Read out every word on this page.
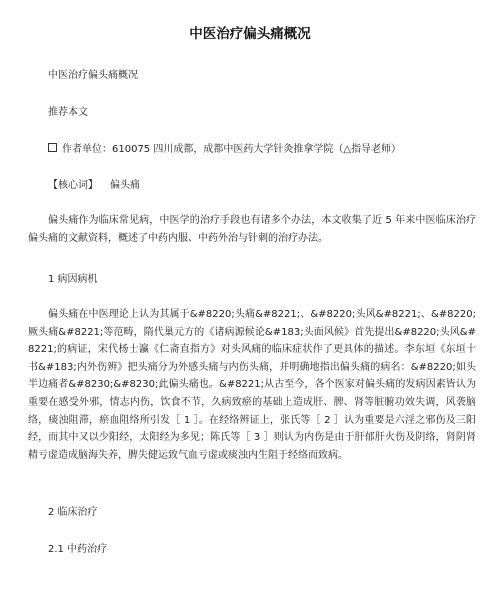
中医治疗偏头痛概况
中医治疗偏头痛概况
推荐本文
作者单位：610075 四川成都，成都中医药大学针灸推拿学院（△指导老师）
【核心词】 偏头痛
偏头痛作为临床常见病，中医学的治疗手段也有诸多个办法，本文收集了近 5 年来中医临床治疗偏头痛的文献资料，概述了中药内服、中药外治与针刺的治疗办法。
1 病因病机
偏头痛在中医理论上认为其属于&#8220;头痛&#8221;、&#8220;头风&#8221;、&#8220;厥头痛&#8221;等范畴，隋代巢元方的《诸病源候论&#183;头面风候》首先提出&#8220;头风&#8221;的病证，宋代杨士瀛《仁斋直指方》对头风痛的临床症状作了更具体的描述。李东垣《东垣十书&#183;内外伤辨》把头痛分为外感头痛与内伤头痛，并明确地指出偏头痛的病名：&#8220;如头半边痛者&#8230;&#8230;此偏头痛也。&#8221;从古至今，各个医家对偏头痛的发病因素皆认为重要在感受外邪，情志内伤，饮食不节，久病致瘀的基础上造成肝、脾、肾等脏腑功效失调，风袭脑络，痰浊阻滞，瘀血阻络所引发［ 1 ］。在经络辨证上，张氏等［ 2 ］认为重要是六淫之邪伤及三阳经，而其中又以少阳经，太阳经为多见；陈氏等［ 3 ］则认为内伤是由于肝郁肝火伤及阴络，肾阴肾精亏虚造成脑海失养，脾失健运致气血亏虚或痰浊内生阻于经络而致病。
2 临床治疗
2.1 中药治疗
